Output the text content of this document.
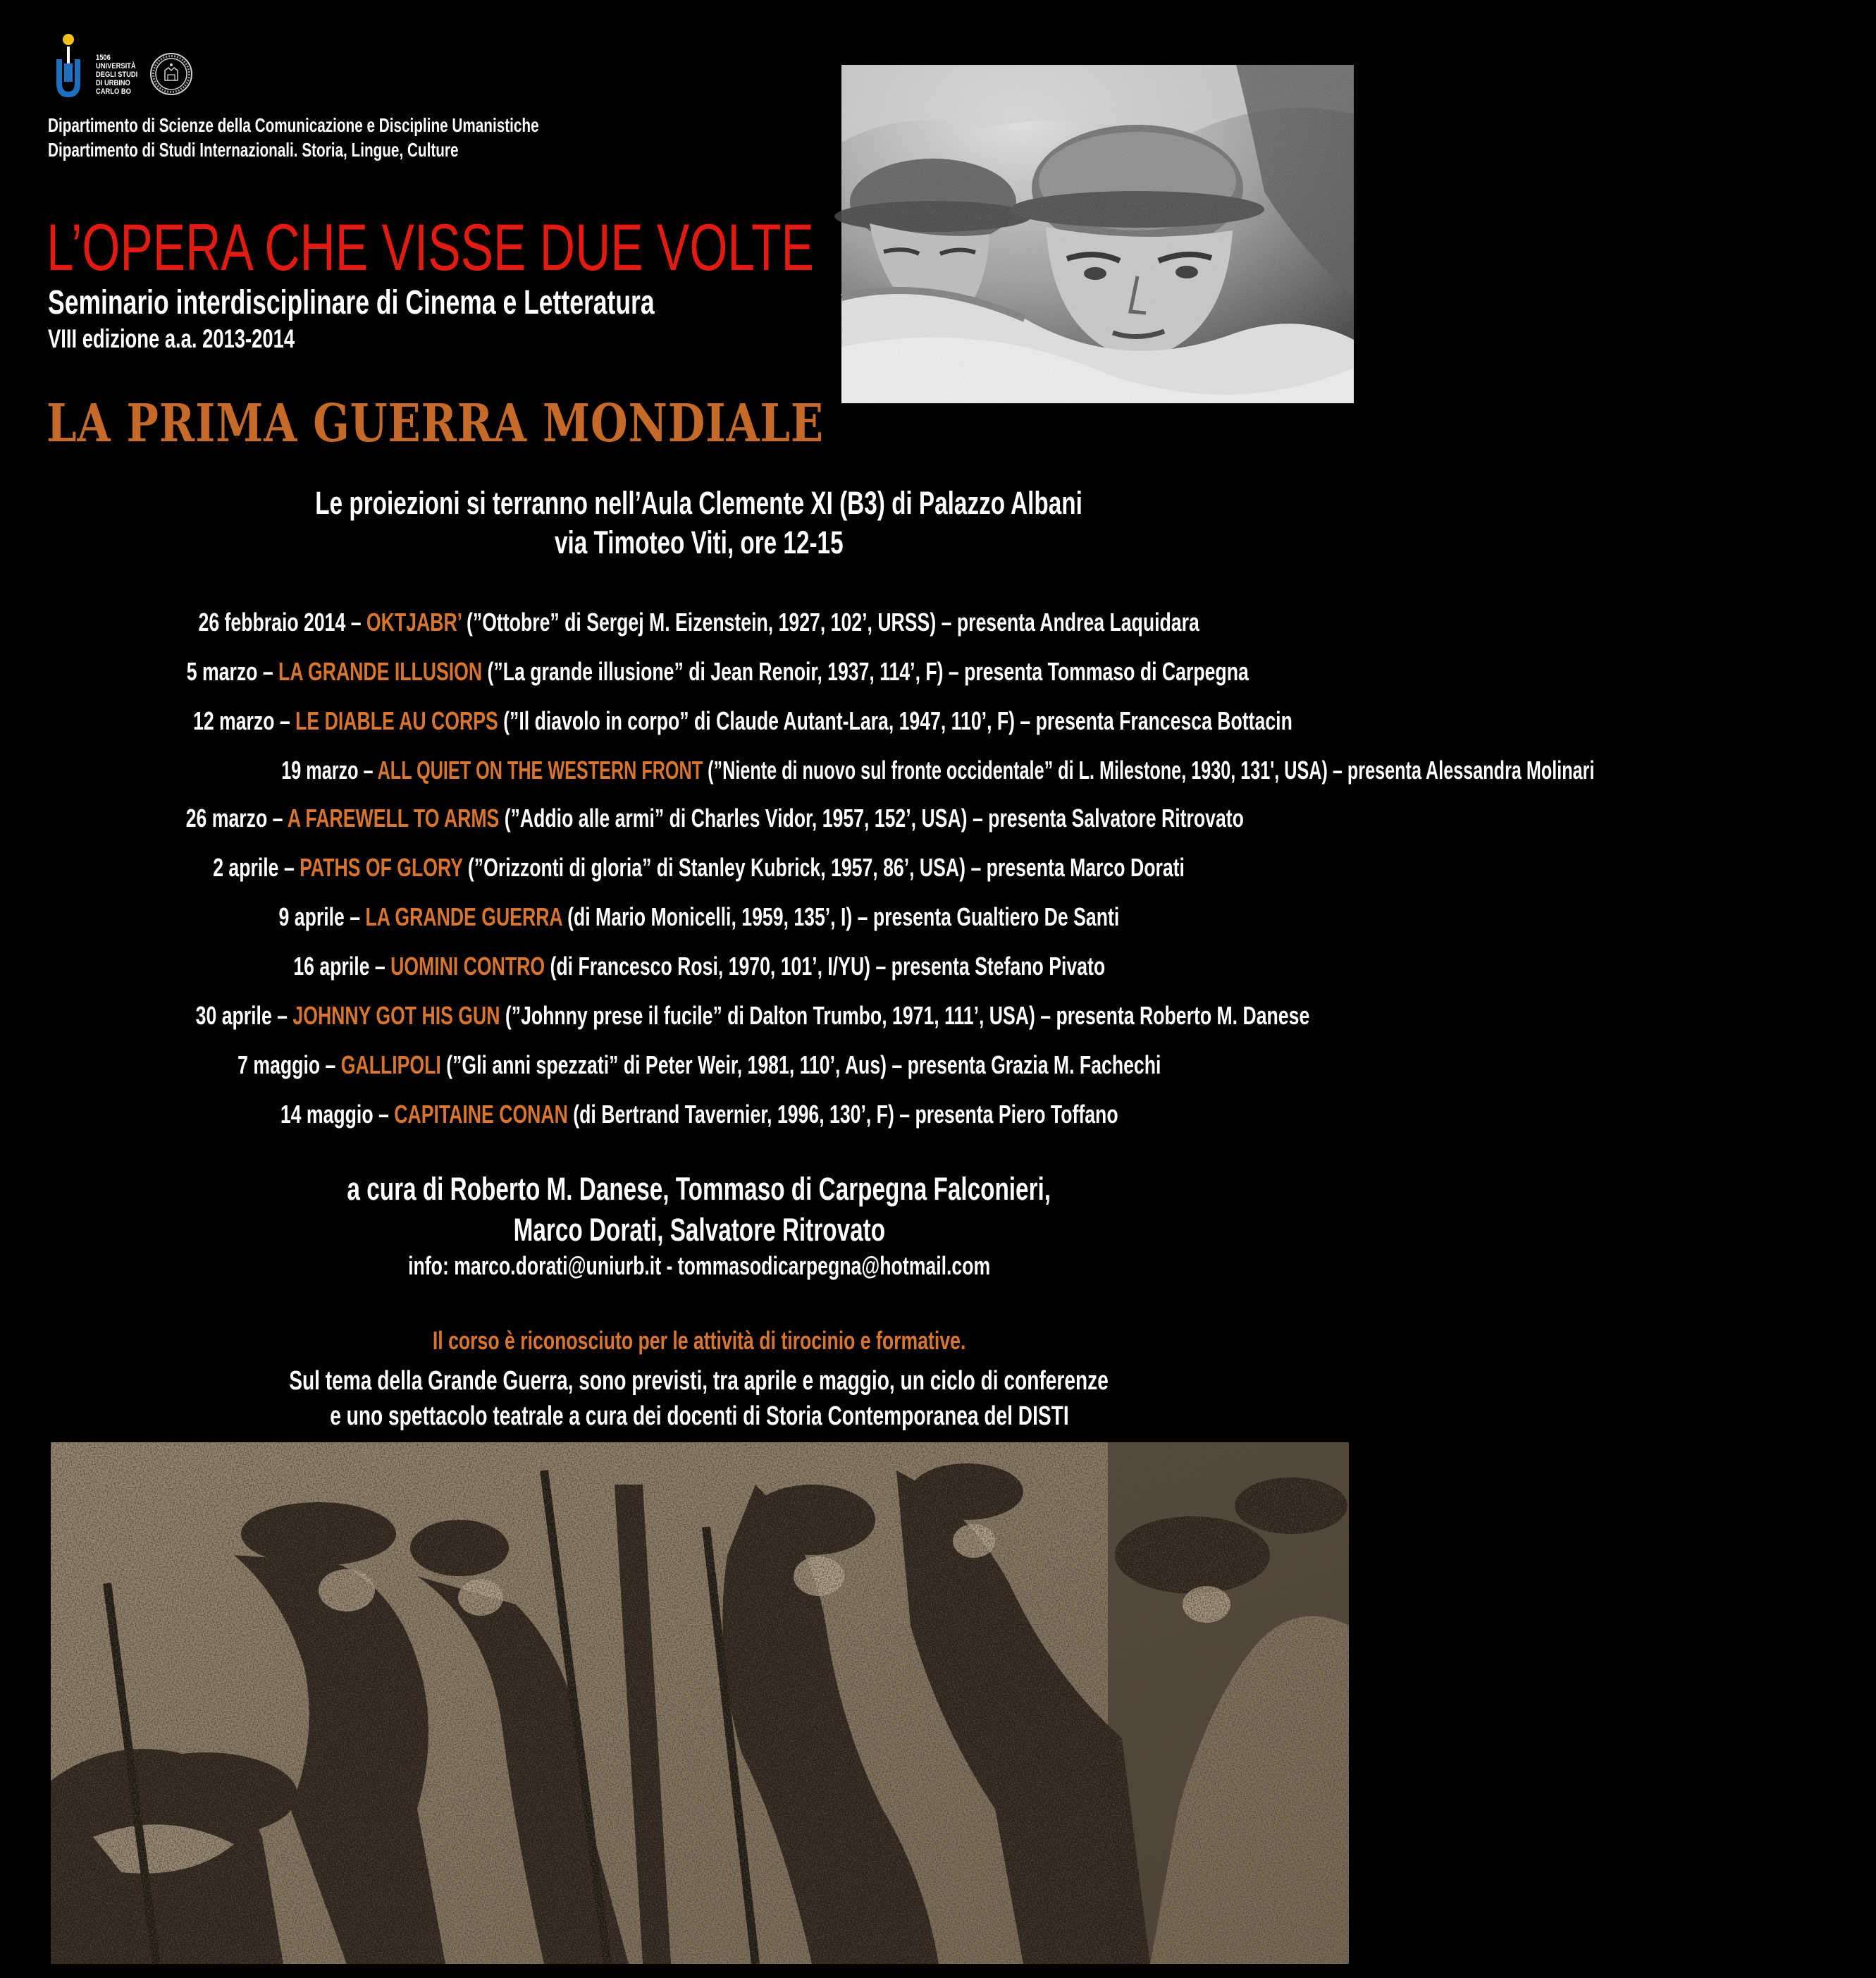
1506
UNIVERSITÀ
DEGLI STUDI
DI URBINO
CARLO BO
Dipartimento di Scienze della Comunicazione e Discipline Umanistiche
Dipartimento di Studi Internazionali. Storia, Lingue, Culture
L’OPERA CHE VISSE DUE VOLTE
Seminario interdisciplinare di Cinema e Letteratura
VIII edizione a.a. 2013-2014
LA PRIMA GUERRA MONDIALE
Le proiezioni si terranno nell’Aula Clemente XI (B3) di Palazzo Albani
via Timoteo Viti, ore 12-15
26 febbraio 2014 – OKTJABR’ (”Ottobre” di Sergej M. Eizenstein, 1927, 102’, URSS) – presenta Andrea Laquidara
5 marzo – LA GRANDE ILLUSION (”La grande illusione” di Jean Renoir, 1937, 114’, F) – presenta Tommaso di Carpegna
12 marzo – LE DIABLE AU CORPS (”Il diavolo in corpo” di Claude Autant-Lara, 1947, 110’, F) – presenta Francesca Bottacin
19 marzo – ALL QUIET ON THE WESTERN FRONT (”Niente di nuovo sul fronte occidentale” di L. Milestone, 1930, 131', USA) – presenta Alessandra Molinari
26 marzo – A FAREWELL TO ARMS (”Addio alle armi” di Charles Vidor, 1957, 152’, USA) – presenta Salvatore Ritrovato
2 aprile – PATHS OF GLORY (”Orizzonti di gloria” di Stanley Kubrick, 1957, 86’, USA) – presenta Marco Dorati
9 aprile – LA GRANDE GUERRA (di Mario Monicelli, 1959, 135’, I) – presenta Gualtiero De Santi
16 aprile – UOMINI CONTRO (di Francesco Rosi, 1970, 101’, I/YU) – presenta Stefano Pivato
30 aprile – JOHNNY GOT HIS GUN (”Johnny prese il fucile” di Dalton Trumbo, 1971, 111’, USA) – presenta Roberto M. Danese
7 maggio – GALLIPOLI (”Gli anni spezzati” di Peter Weir, 1981, 110’, Aus) – presenta Grazia M. Fachechi
14 maggio – CAPITAINE CONAN (di Bertrand Tavernier, 1996, 130’, F) – presenta Piero Toffano
a cura di Roberto M. Danese, Tommaso di Carpegna Falconieri,
Marco Dorati, Salvatore Ritrovato
info: marco.dorati@uniurb.it - tommasodicarpegna@hotmail.com
Il corso è riconosciuto per le attività di tirocinio e formative.
Sul tema della Grande Guerra, sono previsti, tra aprile e maggio, un ciclo di conferenze
e uno spettacolo teatrale a cura dei docenti di Storia Contemporanea del DISTI
